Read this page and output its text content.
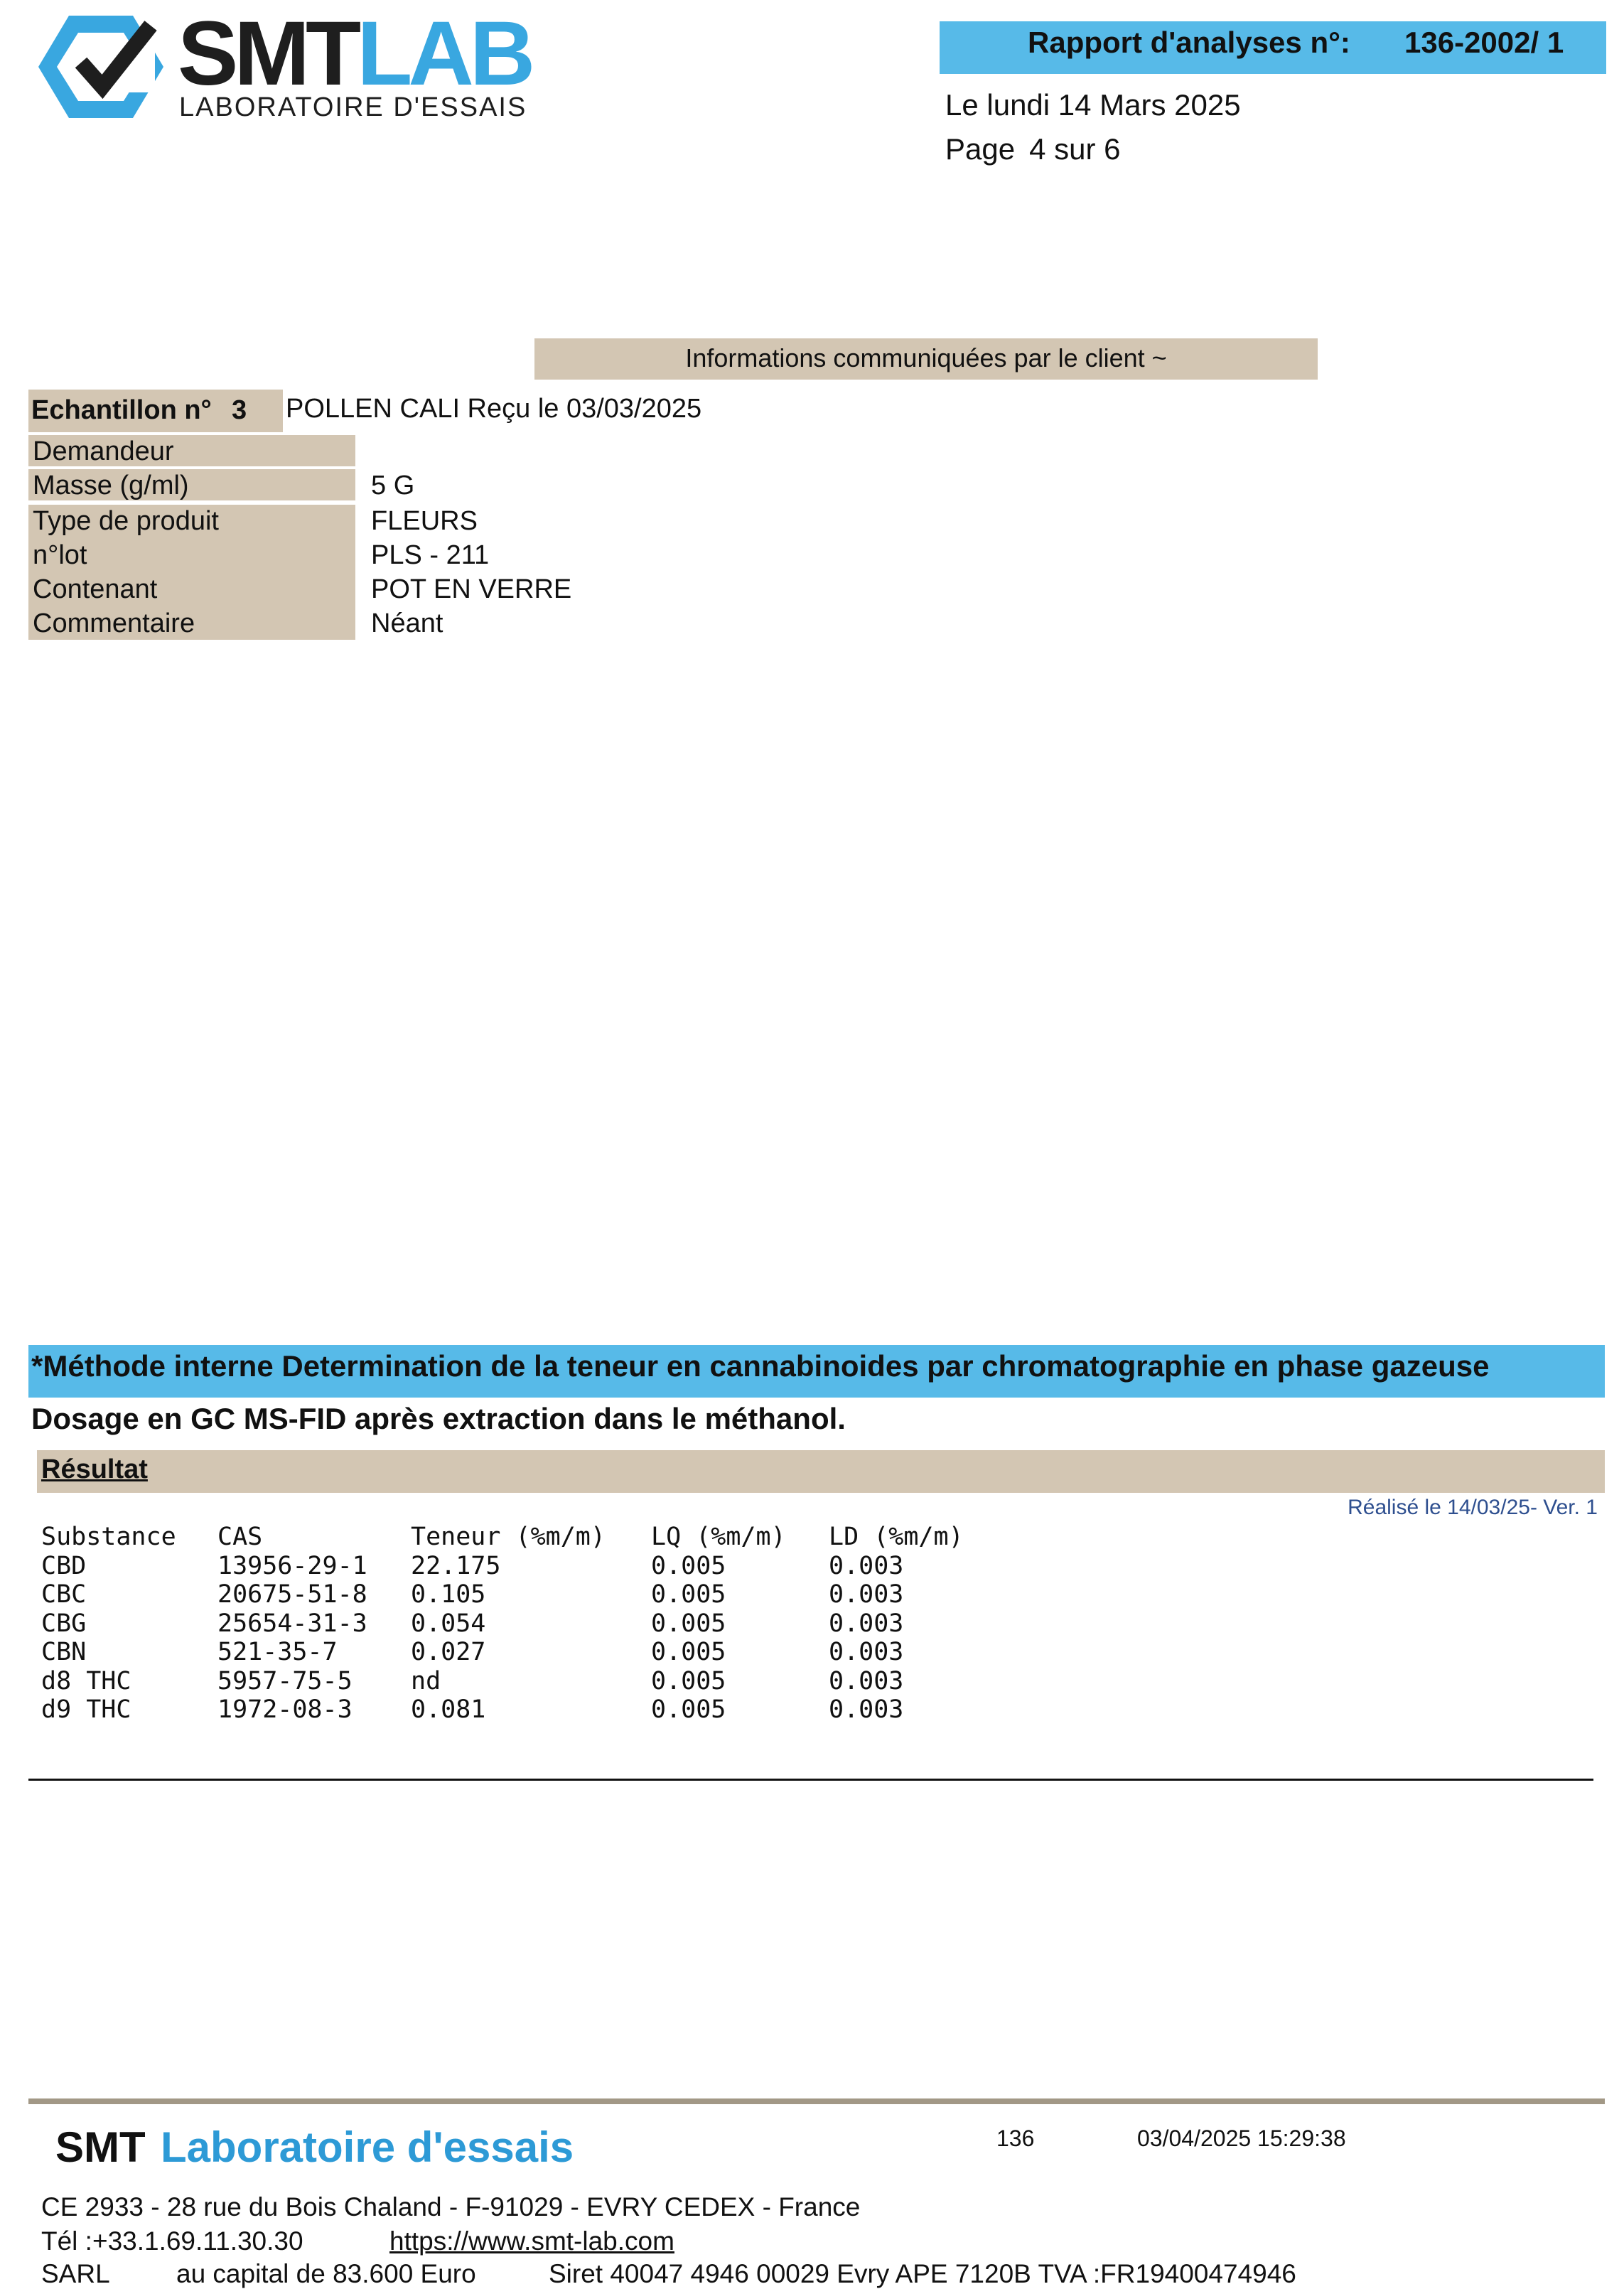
SMTLAB
LABORATOIRE D'ESSAIS
Rapport d'analyses n°: 136-2002/ 1
Le lundi 14 Mars 2025
Page 4 sur 6
Informations communiquées par le client ~
Echantillon n° 3 POLLEN CALI Reçu le 03/03/2025
Demandeur
Masse (g/ml)	5 G
Type de produit	FLEURS
n°lot	PLS - 211
Contenant	POT EN VERRE
Commentaire	Néant
*Méthode interne Determination de la teneur en cannabinoides par chromatographie en phase gazeuse
Dosage en GC MS-FID après extraction dans le méthanol.
Résultat
Réalisé le 14/03/25- Ver. 1
Substance CAS	Teneur (%m/m) LQ (%m/m) LD (%m/m)
CBD	13956-29-1 22.175	0.005	0.003
CBC	20675-51-8 0.105	0.005	0.003
CBG	25654-31-3 0.054	0.005	0.003
CBN	521-35-7	0.027	0.005	0.003
d8 THC	5957-75-5 nd	0.005	0.003
d9 THC	1972-08-3 0.081	0.005	0.003
SMT Laboratoire d'essais	136	03/04/2025 15:29:38
CE 2933 - 28 rue du Bois Chaland - F-91029 - EVRY CEDEX - France
Tél :+33.1.69.11.30.30	https://www.smt-lab.com
SARL	au capital de 83.600 Euro	Siret 40047 4946 00029 Evry APE 7120B TVA :FR19400474946
